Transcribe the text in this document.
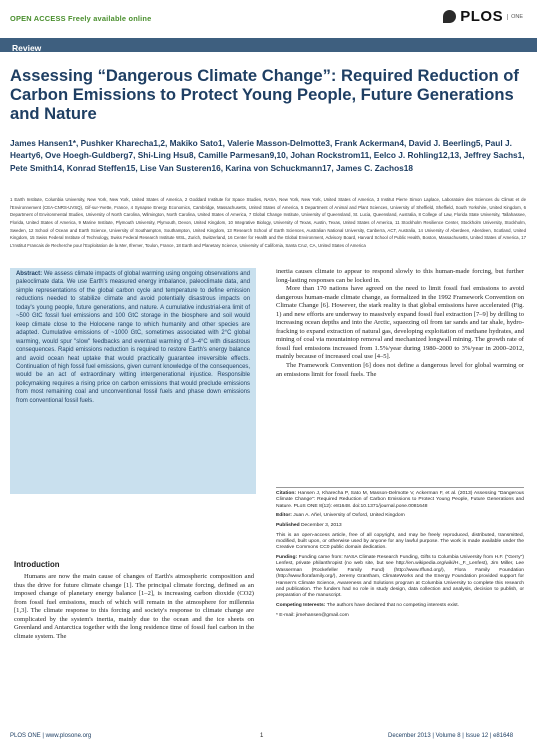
OPEN ACCESS Freely available online	PLOS	ONE
Review
Assessing “Dangerous Climate Change”: Required Reduction of Carbon Emissions to Protect Young People, Future Generations and Nature
James Hansen1*, Pushker Kharecha1,2, Makiko Sato1, Valerie Masson-Delmotte3, Frank Ackerman4, David J. Beerling5, Paul J. Hearty6, Ove Hoegh-Guldberg7, Shi-Ling Hsu8, Camille Parmesan9,10, Johan Rockstrom11, Eelco J. Rohling12,13, Jeffrey Sachs1, Pete Smith14, Konrad Steffen15, Lise Van Susteren16, Karina von Schuckmann17, James C. Zachos18
1 Earth Institute, Columbia University, New York, New York, United States of America, 2 Goddard Institute for Space Studies, NASA, New York, New York, United States of America, 3 Institut Pierre Simon Laplace, Laboratoire des Sciences du Climat et de l'Environnement (CEA-CNRS-UVSQ), Gif-sur-Yvette, France, 4 Synapse Energy Economics, Cambridge, Massachusetts, United States of America, 5 Department of Animal and Plant Sciences, University of Sheffield, Sheffield, South Yorkshire, United Kingdom, 6 Department of Environmental Studies, University of North Carolina, Wilmington, North Carolina, United States of America, 7 Global Change Institute, University of Queensland, St. Lucia, Queensland, Australia, 8 College of Law, Florida State University, Tallahassee, Florida, United States of America, 9 Marine Institute, Plymouth University, Plymouth, Devon, United Kingdom, 10 Integrative Biology, University of Texas, Austin, Texas, United States of America, 11 Stockholm Resilience Center, Stockholm University, Stockholm, Sweden, 12 School of Ocean and Earth Science, University of Southampton, Southampton, United Kingdom, 13 Research School of Earth Sciences, Australian National University, Canberra, ACT, Australia, 14 University of Aberdeen, Aberdeen, Scotland, United Kingdom, 15 Swiss Federal Institute of Technology, Swiss Federal Research Institute WSL, Zurich, Switzerland, 16 Center for Health and the Global Environment, Advisory Board, Harvard School of Public Health, Boston, Massachusetts, United States of America, 17 L'Institut Francais de Recherche pour l'Exploitation de la Mer, Ifremer, Toulon, France, 18 Earth and Planetary Science, University of California, Santa Cruz, CA, United States of America
Abstract: We assess climate impacts of global warming using ongoing observations and paleoclimate data. We use Earth's measured energy imbalance, paleoclimate data, and simple representations of the global carbon cycle and temperature to define emission reductions needed to stabilize climate and avoid potentially disastrous impacts on today's young people, future generations, and nature. A cumulative industrial-era limit of ~500 GtC fossil fuel emissions and 100 GtC storage in the biosphere and soil would keep climate close to the Holocene range to which humanity and other species are adapted. Cumulative emissions of ~1000 GtC, sometimes associated with 2°C global warming, would spur "slow" feedbacks and eventual warming of 3–4°C with disastrous consequences. Rapid emissions reduction is required to restore Earth's energy balance and avoid ocean heat uptake that would practically guarantee irreversible effects. Continuation of high fossil fuel emissions, given current knowledge of the consequences, would be an act of extraordinary witting intergenerational injustice. Responsible policymaking requires a rising price on carbon emissions that would preclude emissions from most remaining coal and unconventional fossil fuels and phase down emissions from conventional fossil fuels.
Introduction

Humans are now the main cause of changes of Earth's atmospheric composition and thus the drive for future climate change [1]. The principal climate forcing, defined as an imposed change of planetary energy balance [1–2], is increasing carbon dioxide (CO2) from fossil fuel emissions, much of which will remain in the atmosphere for millennia [1,3]. The climate response to this forcing and society's response to climate change are complicated by the system's inertia, mainly due to the ocean and the ice sheets on Greenland and Antarctica together with the long residence time of fossil fuel carbon in the climate system. The

inertia causes climate to appear to respond slowly to this human-made forcing, but further long-lasting responses can be locked in.

More than 170 nations have agreed on the need to limit fossil fuel emissions to avoid dangerous human-made climate change, as formalized in the 1992 Framework Convention on Climate Change [6]. However, the stark reality is that global emissions have accelerated (Fig. 1) and new efforts are underway to massively expand fossil fuel extraction [7–9] by drilling to increasing ocean depths and into the Arctic, squeezing oil from tar sands and tar shale, hydro-fracking to expand extraction of natural gas, developing exploitation of methane hydrates, and mining of coal via mountaintop removal and mechanized longwall mining. The growth rate of fossil fuel emissions increased from 1.5%/year during 1980–2000 to 3%/year in 2000–2012, mainly because of increased coal use [4–5].

The Framework Convention [6] does not define a dangerous level for global warming or an emissions limit for fossil fuels. The

Citation: Hansen J, Kharecha P, Sato M, Masson-Delmotte V, Ackerman F, et al. (2013) Assessing "Dangerous Climate Change": Required Reduction of Carbon Emissions to Protect Young People, Future Generations and Nature. PLoS ONE 8(12): e81648. doi:10.1371/journal.pone.0081648

Editor: Juan A. Añel, University of Oxford, United Kingdom

Published December 3, 2013

This is an open-access article, free of all copyright, and may be freely reproduced, distributed, transmitted, modified, built upon, or otherwise used by anyone for any lawful purpose. The work is made available under the Creative Commons CC0 public domain dedication.

Funding: Funding came from: NASA Climate Research Funding, Gifts to Columbia University from H.F. ("Gerry") Lenfest, private philanthropist (no web site, but see http://en.wikipedia.org/wiki/H._F._Lenfest), Jim Miller, Lee Wasserman (Rockefeller Family Fund) (http://www.rffund.org/), Flora Family Foundation (http://www.florafamily.org/), Jeremy Grantham, ClimateWorks and the Energy Foundation provided support for Hansen's Climate Science, Awareness and Solutions program at Columbia University to complete this research and publication. The funders had no role in study design, data collection and analysis, decision to publish, or preparation of the manuscript.

Competing Interests: The authors have declared that no competing interests exist.

* E-mail: jimehansen@gmail.com

PLOS ONE | www.plosone.org	1	December 2013 | Volume 8 | Issue 12 | e81648
